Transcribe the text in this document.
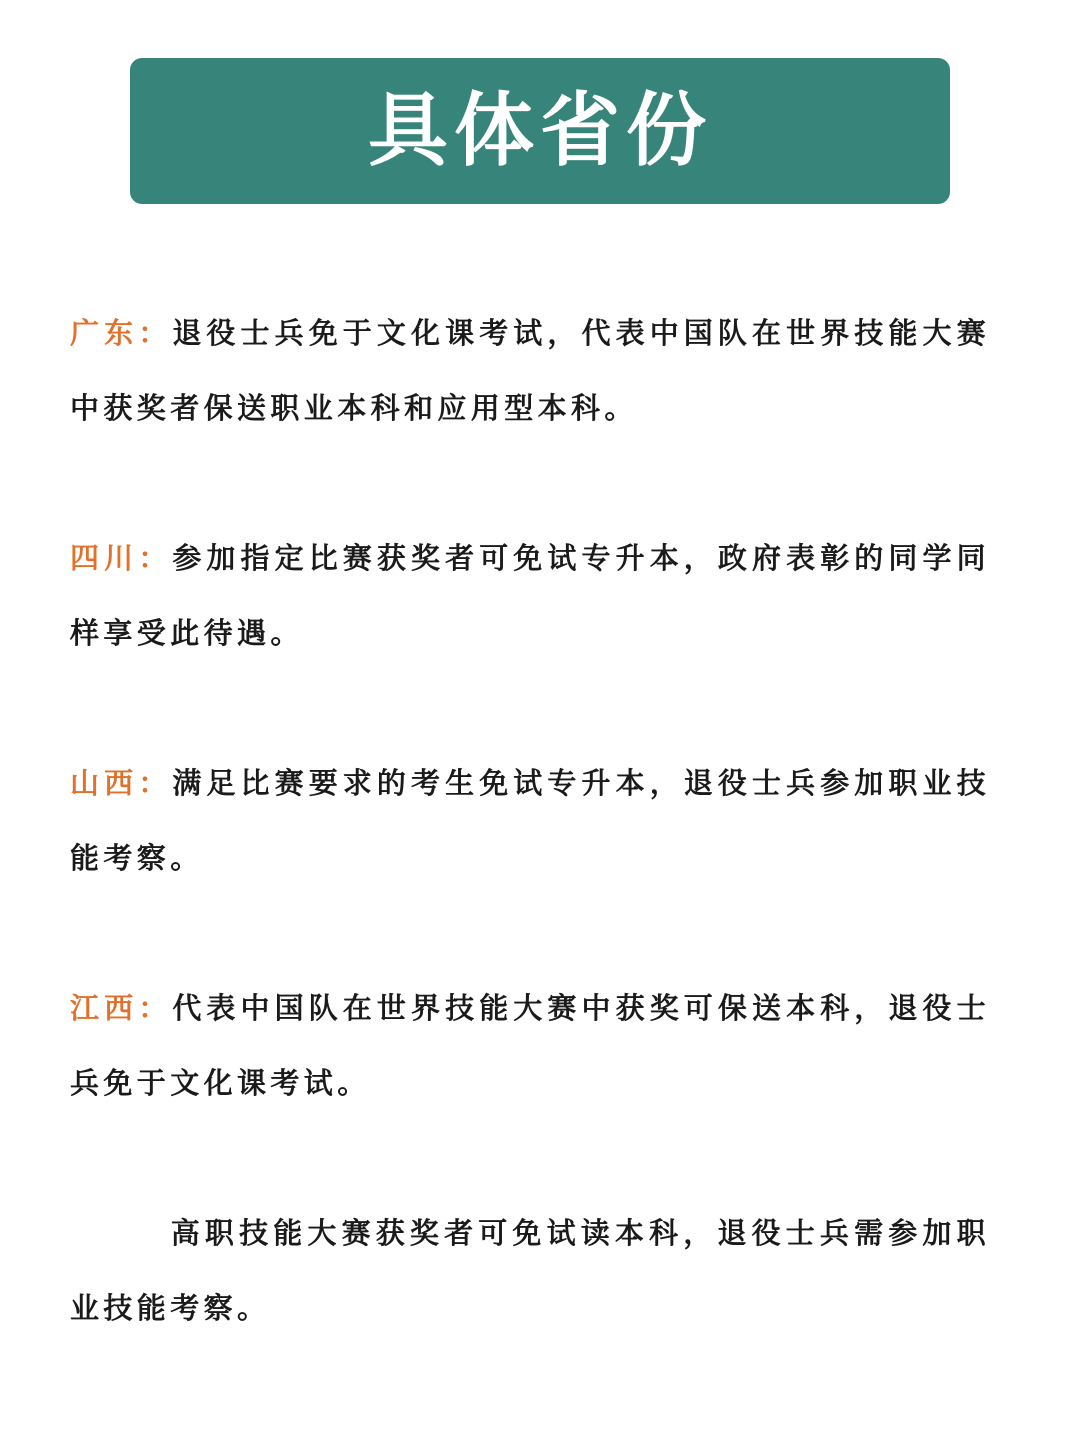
具体省份
广东：退役士兵免于文化课考试，代表中国队在世界技能大赛中获奖者保送职业本科和应用型本科。
四川：参加指定比赛获奖者可免试专升本，政府表彰的同学同样享受此待遇。
山西：满足比赛要求的考生免试专升本，退役士兵参加职业技能考察。
江西：代表中国队在世界技能大赛中获奖可保送本科，退役士兵免于文化课考试。
高职技能大赛获奖者可免试读本科，退役士兵需参加职业技能考察。
